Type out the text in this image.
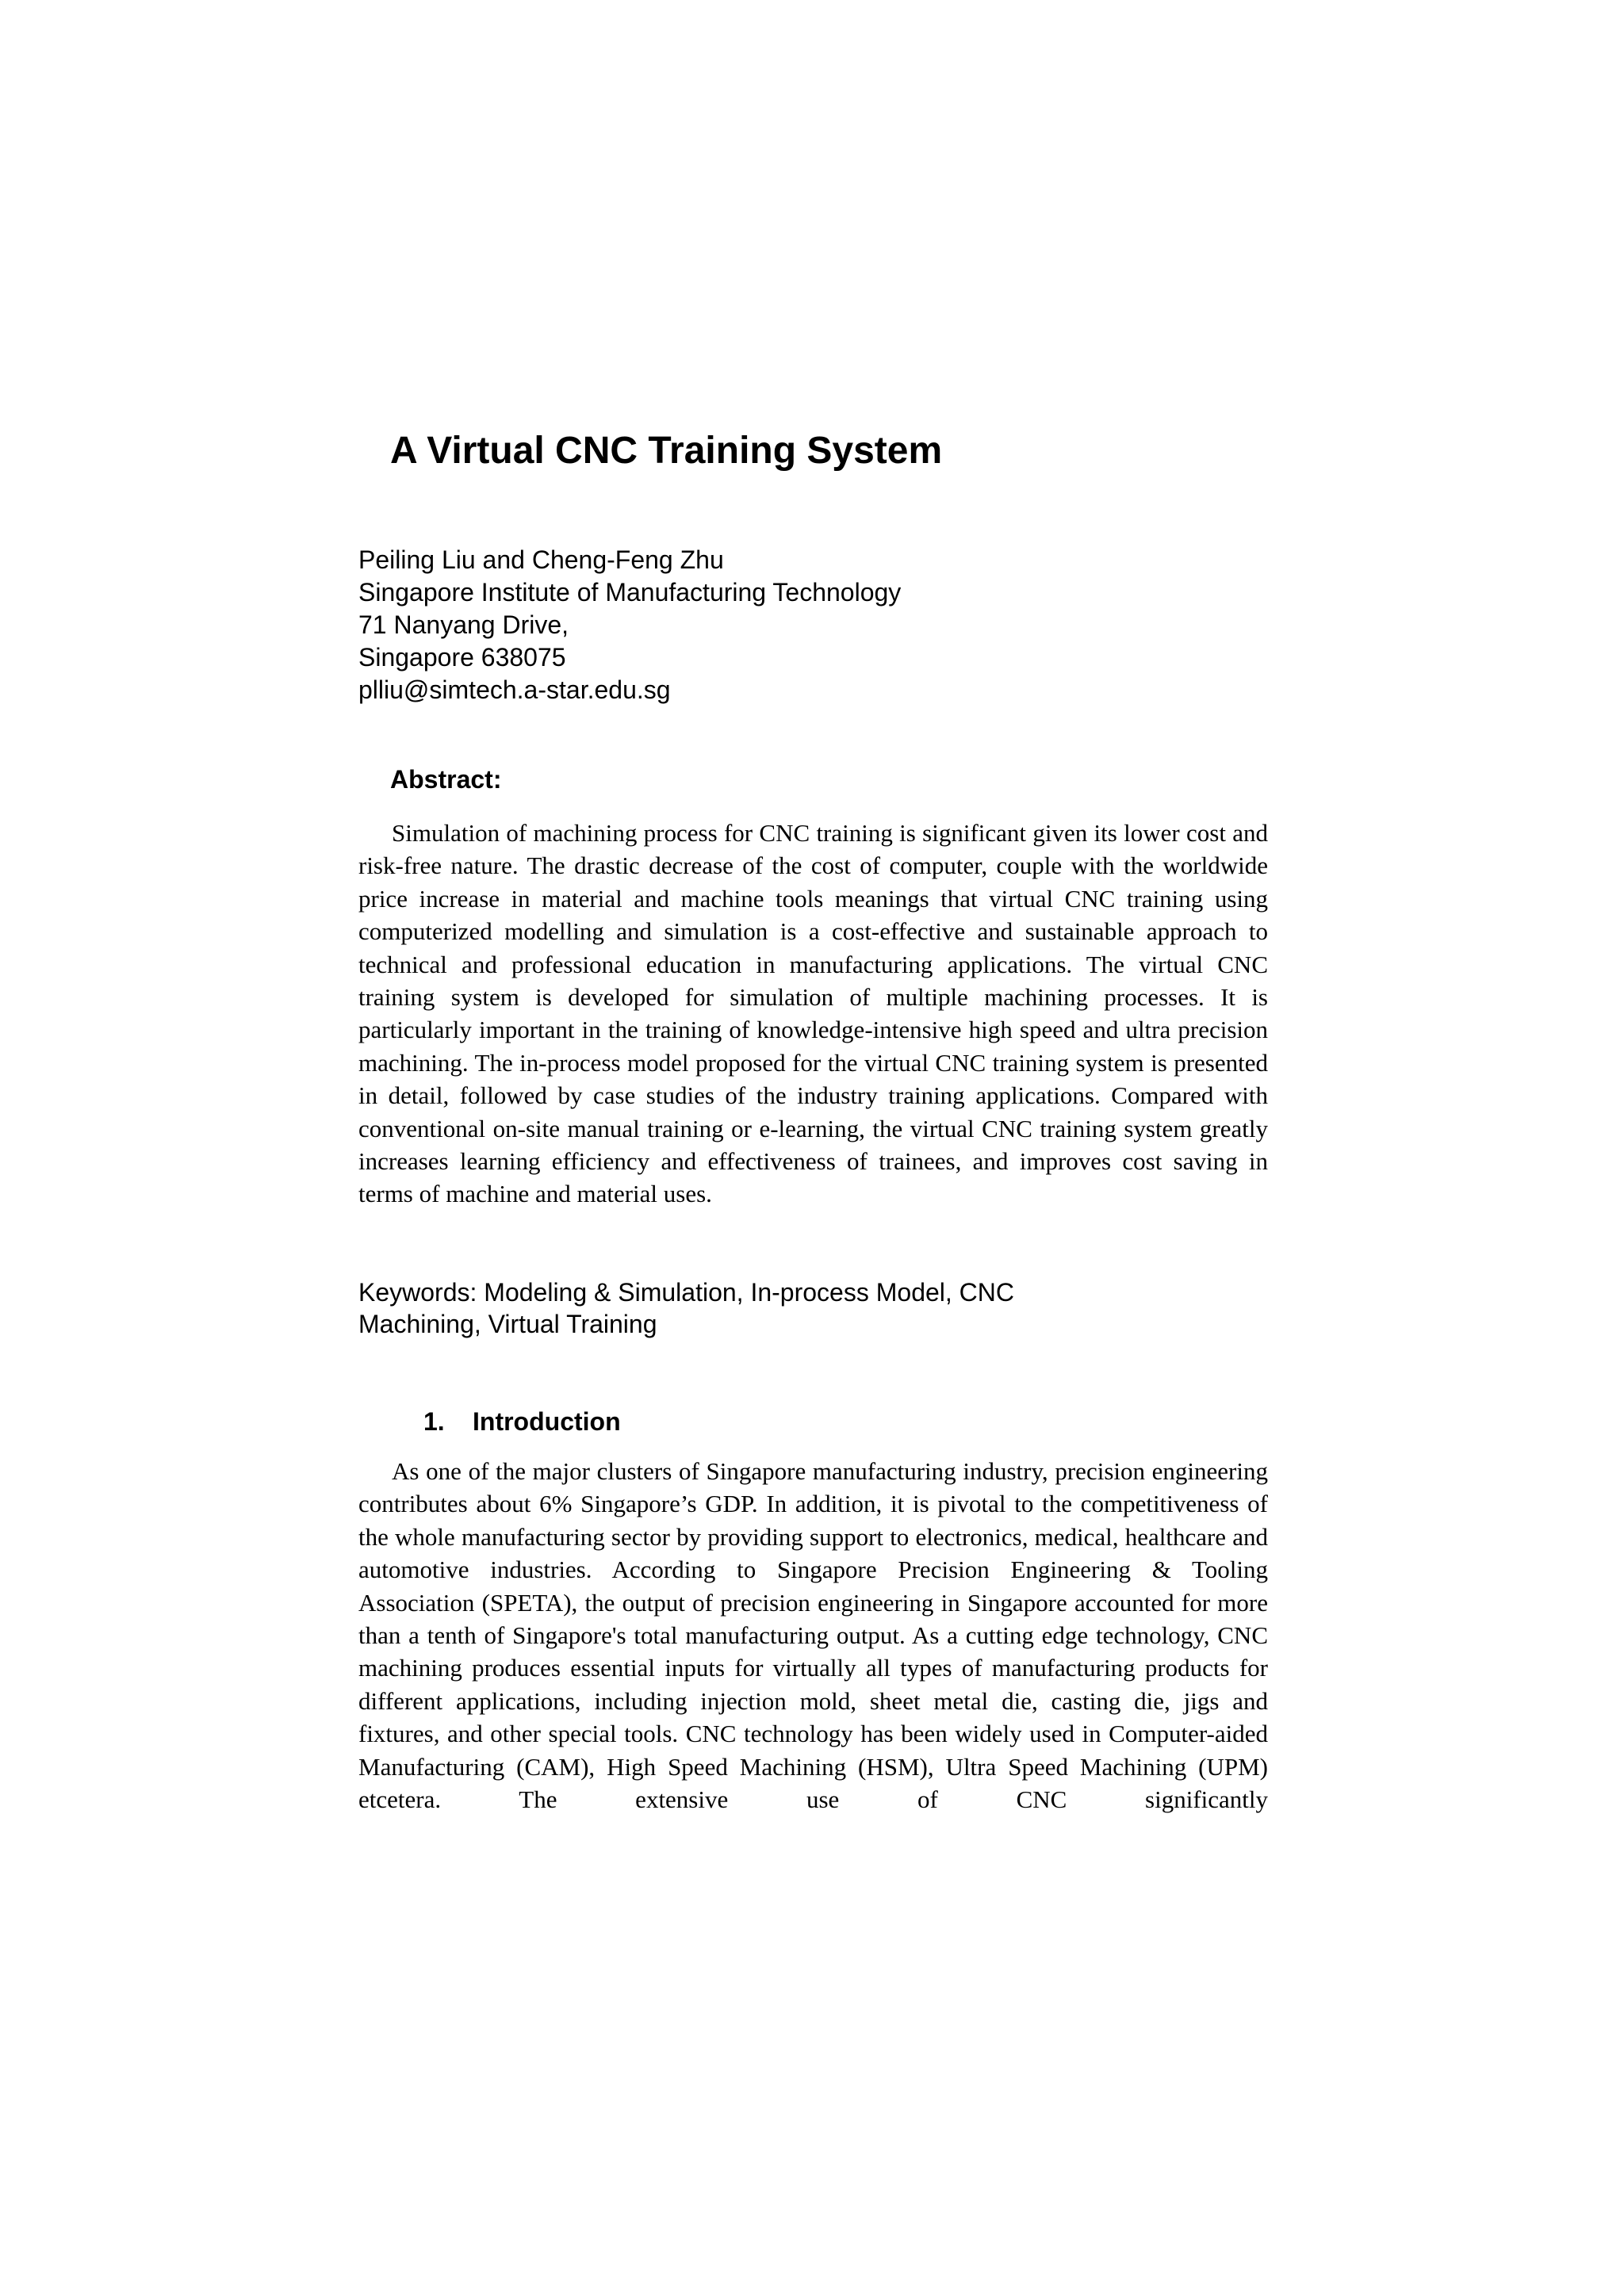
A Virtual CNC Training System
Peiling Liu and Cheng-Feng Zhu
Singapore Institute of Manufacturing Technology
71 Nanyang Drive,
Singapore 638075
plliu@simtech.a-star.edu.sg
Abstract:

Simulation of machining process for CNC training is significant given its lower cost and risk-free nature. The drastic decrease of the cost of computer, couple with the worldwide price increase in material and machine tools meanings that virtual CNC training using computerized modelling and simulation is a cost-effective and sustainable approach to technical and professional education in manufacturing applications. The virtual CNC training system is developed for simulation of multiple machining processes. It is particularly important in the training of knowledge-intensive high speed and ultra precision machining. The in-process model proposed for the virtual CNC training system is presented in detail, followed by case studies of the industry training applications. Compared with conventional on-site manual training or e-learning, the virtual CNC training system greatly increases learning efficiency and effectiveness of trainees, and improves cost saving in terms of machine and material uses.

Keywords: Modeling & Simulation, In-process Model, CNC
Machining, Virtual Training
1. Introduction

As one of the major clusters of Singapore manufacturing industry, precision engineering contributes about 6% Singapore’s GDP. In addition, it is pivotal to the competitiveness of the whole manufacturing sector by providing support to electronics, medical, healthcare and automotive industries. According to Singapore Precision Engineering & Tooling Association (SPETA), the output of precision engineering in Singapore accounted for more than a tenth of Singapore's total manufacturing output. As a cutting edge technology, CNC machining produces essential inputs for virtually all types of manufacturing products for different applications, including injection mold, sheet metal die, casting die, jigs and fixtures, and other special tools. CNC technology has been widely used in Computer-aided Manufacturing (CAM), High Speed Machining (HSM), Ultra Speed Machining (UPM) etcetera. The extensive use of CNC significantly
